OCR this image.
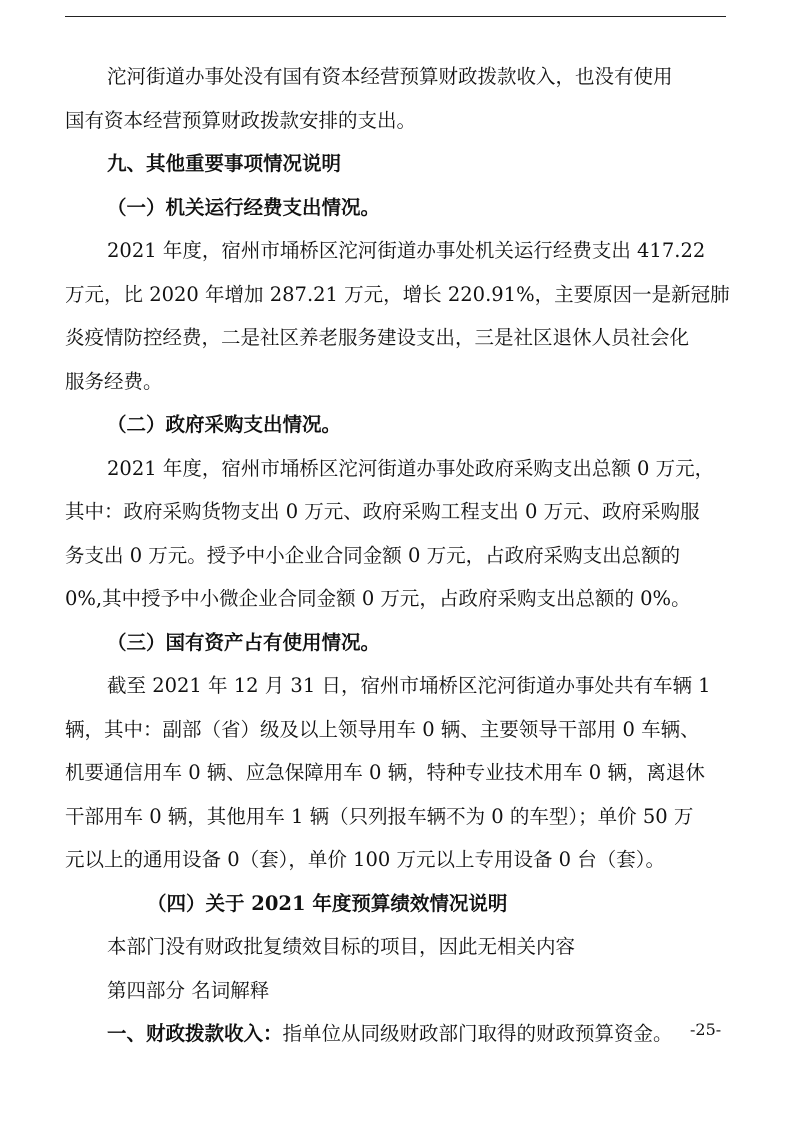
沱河街道办事处没有国有资本经营预算财政拨款收入，也没有使用
国有资本经营预算财政拨款安排的支出。
九、其他重要事项情况说明
（一）机关运行经费支出情况。
2021 年度，宿州市埇桥区沱河街道办事处机关运行经费支出 417.22
万元，比 2020 年增加 287.21 万元，增长 220.91%，主要原因一是新冠肺
炎疫情防控经费，二是社区养老服务建设支出，三是社区退休人员社会化
服务经费。
（二）政府采购支出情况。
2021 年度，宿州市埇桥区沱河街道办事处政府采购支出总额 0 万元，
其中：政府采购货物支出 0 万元、政府采购工程支出 0 万元、政府采购服
务支出 0 万元。授予中小企业合同金额 0 万元，占政府采购支出总额的
0%,其中授予中小微企业合同金额 0 万元，占政府采购支出总额的 0%。
（三）国有资产占有使用情况。
截至 2021 年 12 月 31 日，宿州市埇桥区沱河街道办事处共有车辆 1
辆，其中：副部（省）级及以上领导用车 0 辆、主要领导干部用 0 车辆、
机要通信用车 0 辆、应急保障用车 0 辆，特种专业技术用车 0 辆，离退休
干部用车 0 辆，其他用车 1 辆（只列报车辆不为 0 的车型）；单价 50 万
元以上的通用设备 0（套），单价 100 万元以上专用设备 0 台（套）。
（四）关于 2021 年度预算绩效情况说明
本部门没有财政批复绩效目标的项目，因此无相关内容
第四部分 名词解释
一、财政拨款收入：指单位从同级财政部门取得的财政预算资金。 -25-
